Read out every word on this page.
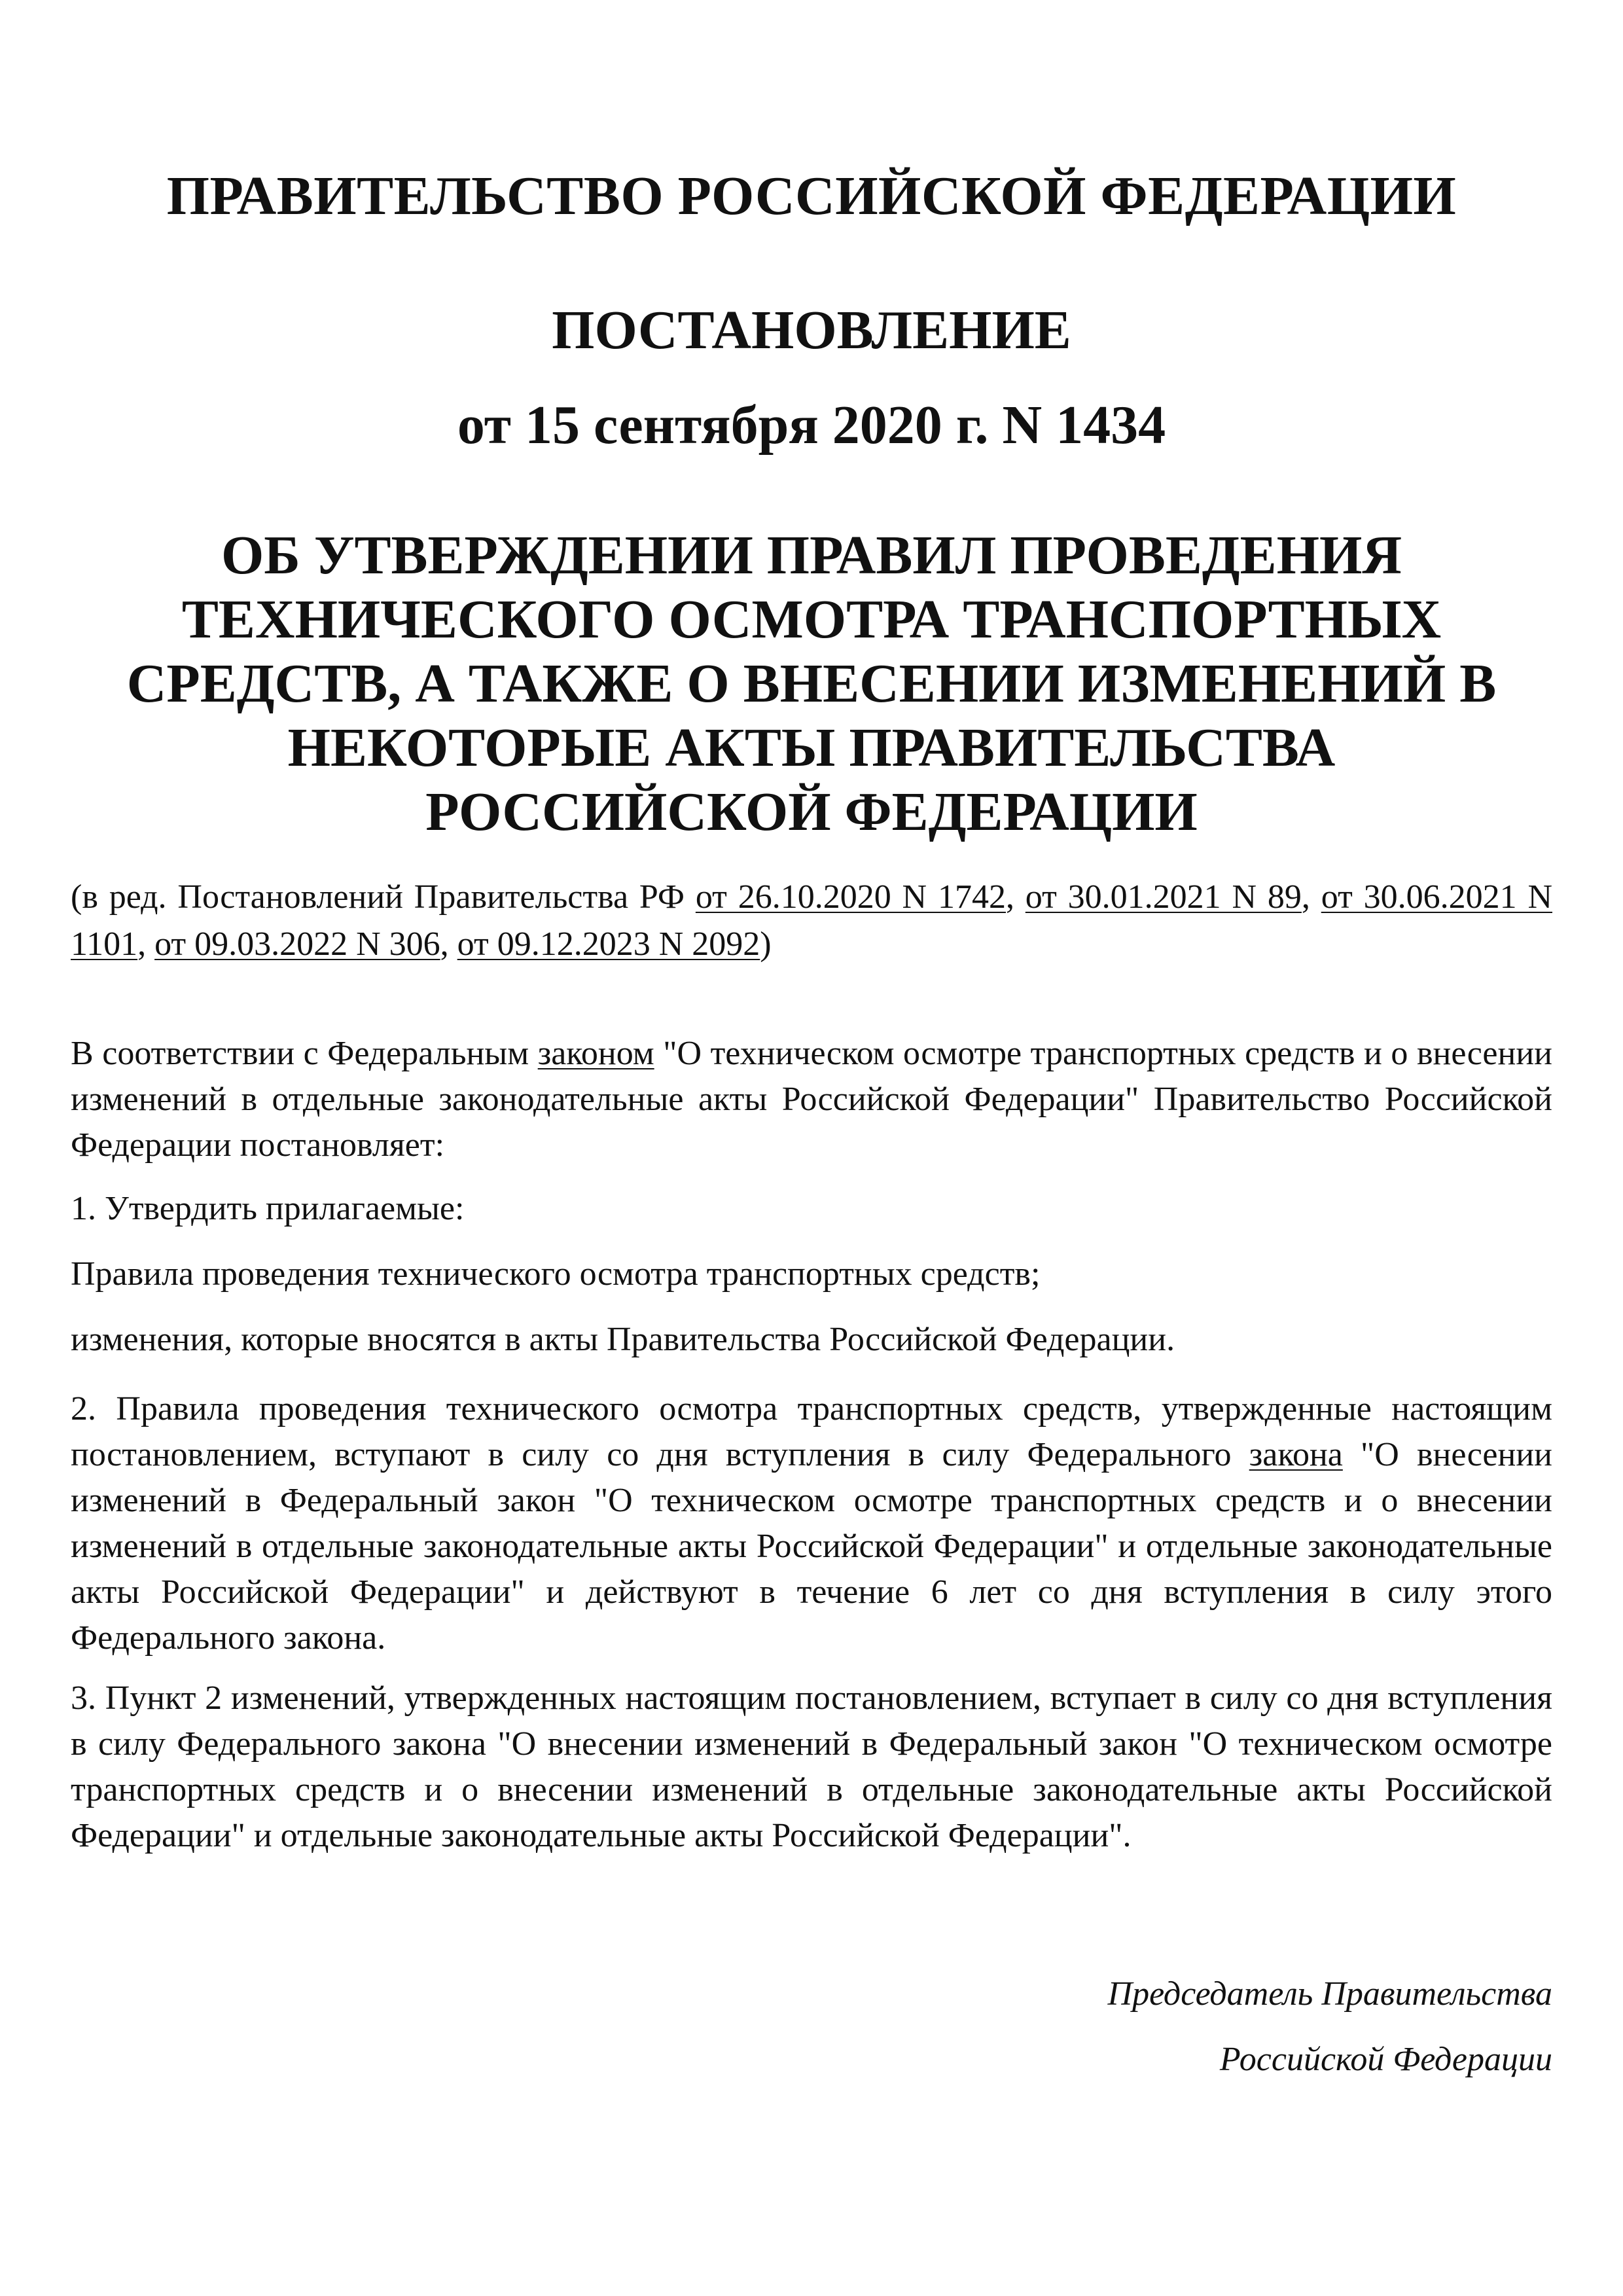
ПРАВИТЕЛЬСТВО РОССИЙСКОЙ ФЕДЕРАЦИИ
ПОСТАНОВЛЕНИЕ
от 15 сентября 2020 г. N 1434
ОБ УТВЕРЖДЕНИИ ПРАВИЛ ПРОВЕДЕНИЯ
ТЕХНИЧЕСКОГО ОСМОТРА ТРАНСПОРТНЫХ
СРЕДСТВ, А ТАКЖЕ О ВНЕСЕНИИ ИЗМЕНЕНИЙ В
НЕКОТОРЫЕ АКТЫ ПРАВИТЕЛЬСТВА
РОССИЙСКОЙ ФЕДЕРАЦИИ
(в ред. Постановлений Правительства РФ от 26.10.2020 N 1742, от 30.01.2021 N 89, от 30.06.2021 N 1101, от 09.03.2022 N 306, от 09.12.2023 N 2092)

В соответствии с Федеральным законом "О техническом осмотре транспортных средств и о внесении изменений в отдельные законодательные акты Российской Федерации" Правительство Российской Федерации постановляет:

1. Утвердить прилагаемые:

Правила проведения технического осмотра транспортных средств;

изменения, которые вносятся в акты Правительства Российской Федерации.

2. Правила проведения технического осмотра транспортных средств, утвержденные настоящим постановлением, вступают в силу со дня вступления в силу Федерального закона "О внесении изменений в Федеральный закон "О техническом осмотре транспортных средств и о внесении изменений в отдельные законодательные акты Российской Федерации" и отдельные законодательные акты Российской Федерации" и действуют в течение 6 лет со дня вступления в силу этого Федерального закона.

3. Пункт 2 изменений, утвержденных настоящим постановлением, вступает в силу со дня вступления в силу Федерального закона "О внесении изменений в Федеральный закон "О техническом осмотре транспортных средств и о внесении изменений в отдельные законодательные акты Российской Федерации" и отдельные законодательные акты Российской Федерации".

Председатель Правительства
Российской Федерации
